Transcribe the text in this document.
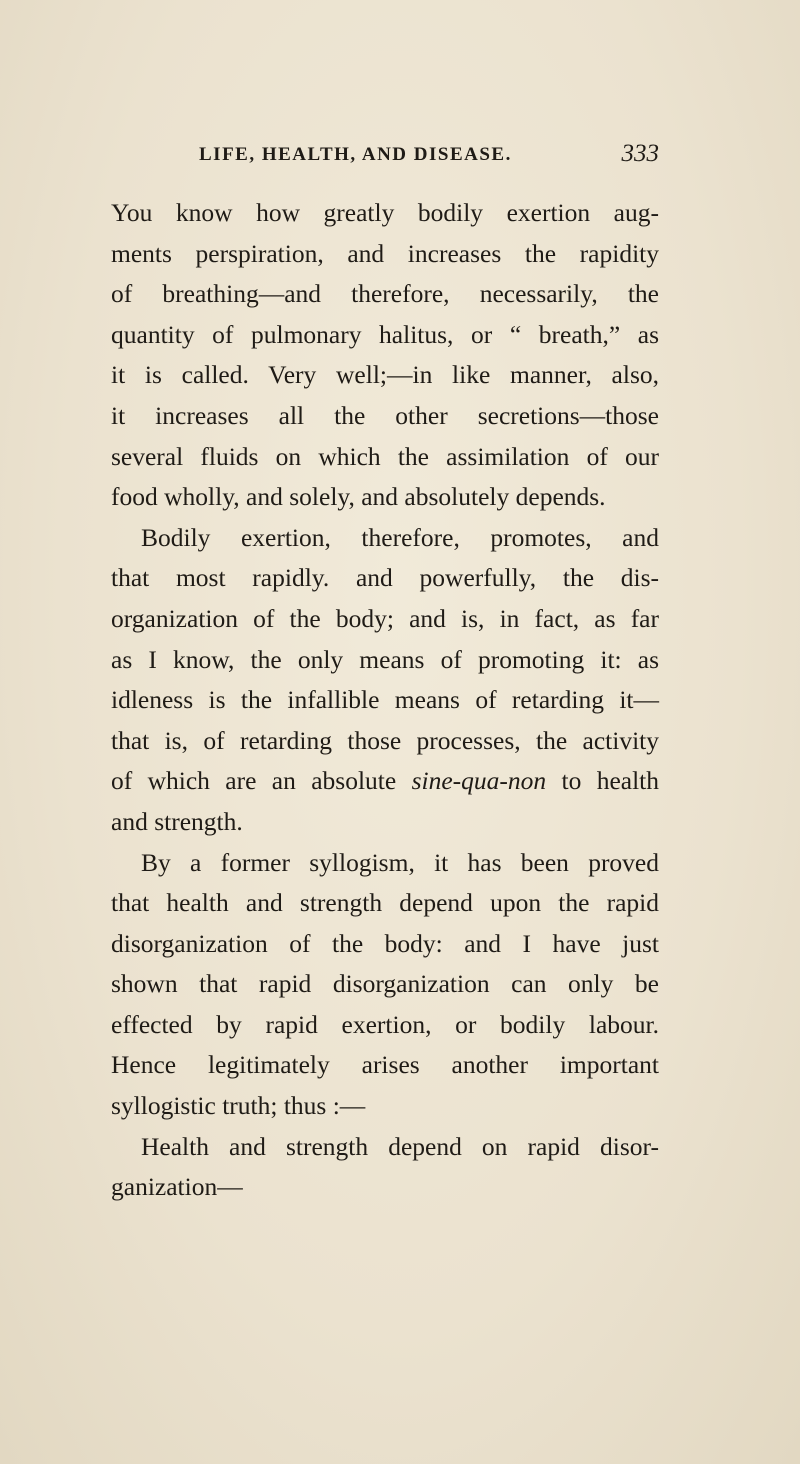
LIFE, HEALTH, AND DISEASE.	333
You know how greatly bodily exertion aug-
ments perspiration, and increases the rapidity
of breathing—and therefore, necessarily, the
quantity of pulmonary halitus, or “ breath,” as
it is called. Very well;—in like manner, also,
it increases all the other secretions—those
several fluids on which the assimilation of our
food wholly, and solely, and absolutely depends.
Bodily exertion, therefore, promotes, and
that most rapidly. and powerfully, the dis-
organization of the body; and is, in fact, as far
as I know, the only means of promoting it: as
idleness is the infallible means of retarding it—
that is, of retarding those processes, the activity
of which are an absolute sine-qua-non to health
and strength.
By a former syllogism, it has been proved
that health and strength depend upon the rapid
disorganization of the body: and I have just
shown that rapid disorganization can only be
effected by rapid exertion, or bodily labour.
Hence legitimately arises another important
syllogistic truth; thus :—
Health and strength depend on rapid disor-
ganization—
